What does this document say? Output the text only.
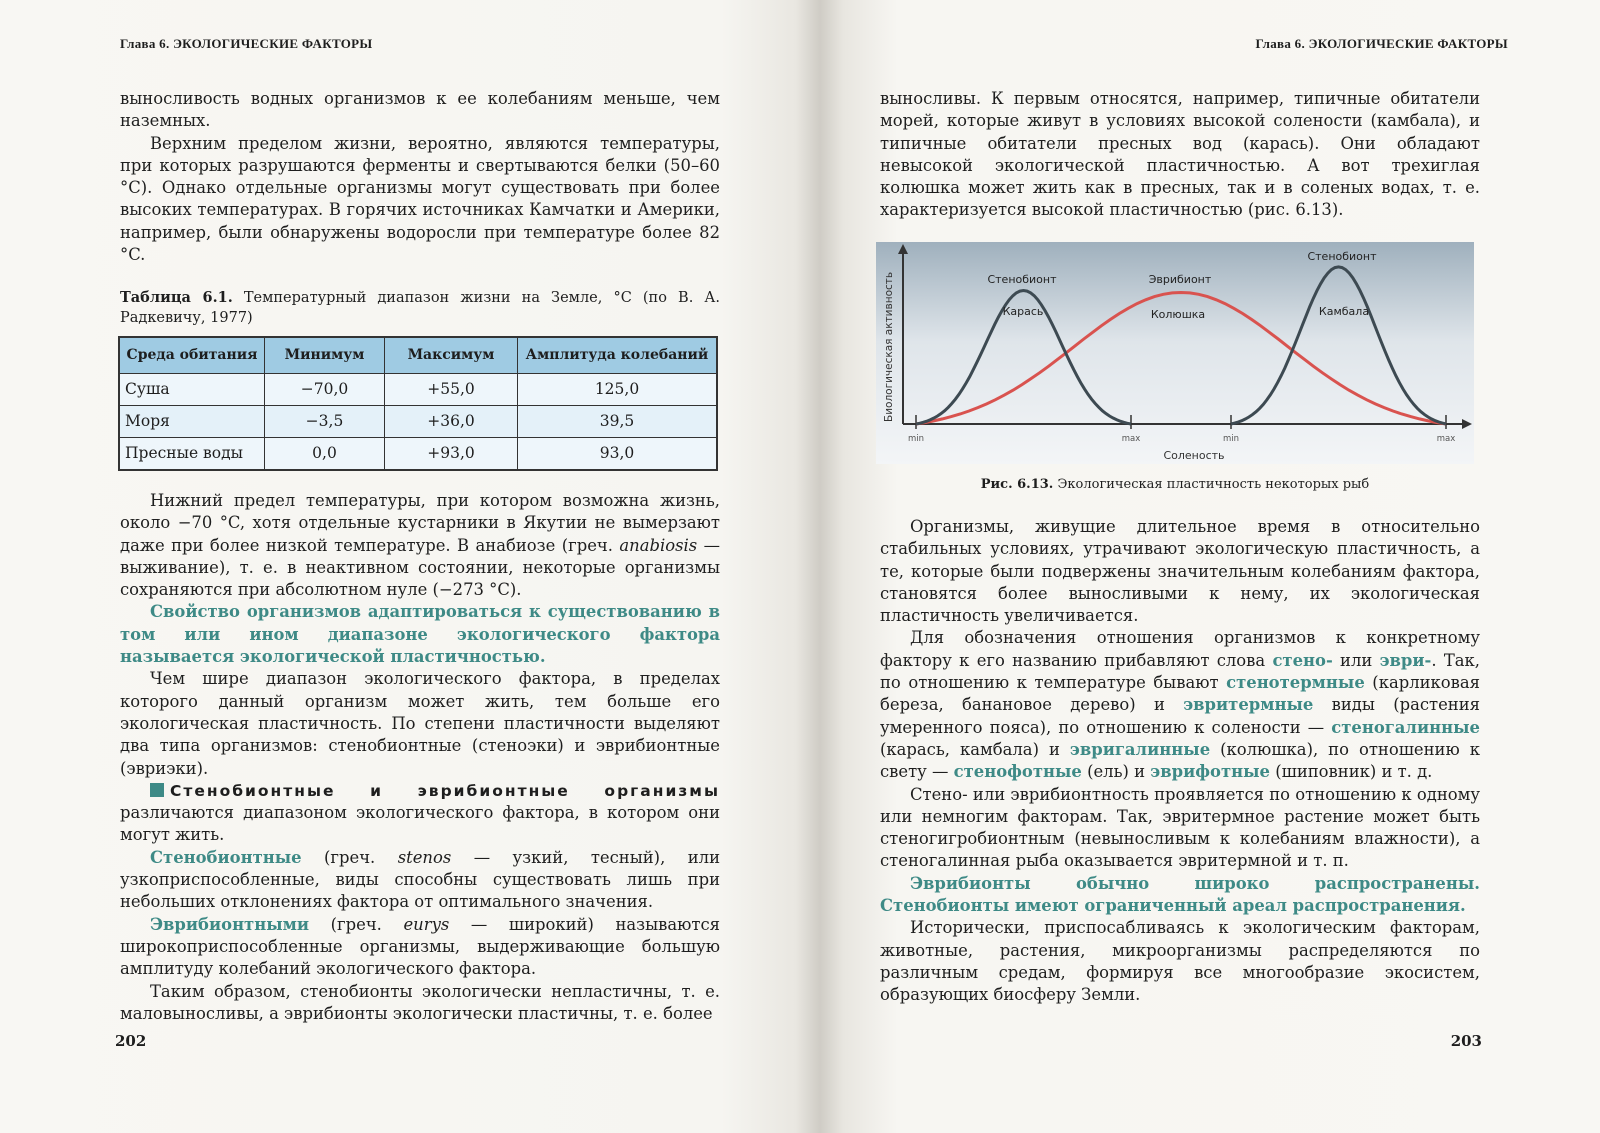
Глава 6. ЭКОЛОГИЧЕСКИЕ ФАКТОРЫ

выносливость водных организмов к ее колебаниям меньше, чем наземных.

Верхним пределом жизни, вероятно, являются температуры, при которых разрушаются ферменты и свертываются белки (50–60 °C). Однако отдельные организмы могут существовать при более высоких температурах. В горячих источниках Камчатки и Америки, например, были обнаружены водоросли при температуре более 82 °C.

Таблица 6.1. Температурный диапазон жизни на Земле, °C (по В. А. Радкевичу, 1977)
Среда обитания	Минимум	Максимум	Амплитуда колебаний
Суша	−70,0	+55,0	125,0
Моря	−3,5	+36,0	39,5
Пресные воды	0,0	+93,0	93,0

Нижний предел температуры, при котором возможна жизнь, около −70 °C, хотя отдельные кустарники в Якутии не вымерзают даже при более низкой температуре. В анабиозе (греч. anabiosis — выживание), т. е. в неактивном состоянии, некоторые организмы сохраняются при абсолютном нуле (−273 °C).

Свойство организмов адаптироваться к существованию в том или ином диапазоне экологического фактора называется экологической пластичностью.

Чем шире диапазон экологического фактора, в пределах которого данный организм может жить, тем больше его экологическая пластичность. По степени пластичности выделяют два типа организмов: стенобионтные (стеноэки) и эврибионтные (эвриэки).

Стенобионтные и эврибионтные организмы различаются диапазоном экологического фактора, в котором они могут жить.

Стенобионтные (греч. stenos — узкий, тесный), или узкоприспособленные, виды способны существовать лишь при небольших отклонениях фактора от оптимального значения.

Эврибионтными (греч. eurys — широкий) называются широкоприспособленные организмы, выдерживающие большую амплитуду колебаний экологического фактора.

Таким образом, стенобионты экологически непластичны, т. е. маловыносливы, а эврибионты экологически пластичны, т. е. более

202
Глава 6. ЭКОЛОГИЧЕСКИЕ ФАКТОРЫ

выносливы. К первым относятся, например, типичные обитатели морей, которые живут в условиях высокой солености (камбала), и типичные обитатели пресных вод (карась). Они обладают невысокой экологической пластичностью. А вот трехиглая колюшка может жить как в пресных, так и в соленых водах, т. е. характеризуется высокой пластичностью (рис. 6.13).

Биологическая активность
Соленость
min	max	min	max
Стенобионт
Карась
Эврибионт
Колюшка
Стенобионт
Камбала
Рис. 6.13. Экологическая пластичность некоторых рыб

Организмы, живущие длительное время в относительно стабильных условиях, утрачивают экологическую пластичность, а те, которые были подвержены значительным колебаниям фактора, становятся более выносливыми к нему, их экологическая пластичность увеличивается.

Для обозначения отношения организмов к конкретному фактору к его названию прибавляют слова стено- или эври-. Так, по отношению к температуре бывают стенотермные (карликовая береза, банановое дерево) и эвритермные виды (растения умеренного пояса), по отношению к солености — стеногалинные (карась, камбала) и эвригалинные (колюшка), по отношению к свету — стенофотные (ель) и эврифотные (шиповник) и т. д.

Стено- или эврибионтность проявляется по отношению к одному или немногим факторам. Так, эвритермное растение может быть стеногигробионтным (невыносливым к колебаниям влажности), а стеногалинная рыба оказывается эвритермной и т. п.

Эврибионты обычно широко распространены. Стенобионты имеют ограниченный ареал распространения.

Исторически, приспосабливаясь к экологическим факторам, животные, растения, микроорганизмы распределяются по различным средам, формируя все многообразие экосистем, образующих биосферу Земли.

203
